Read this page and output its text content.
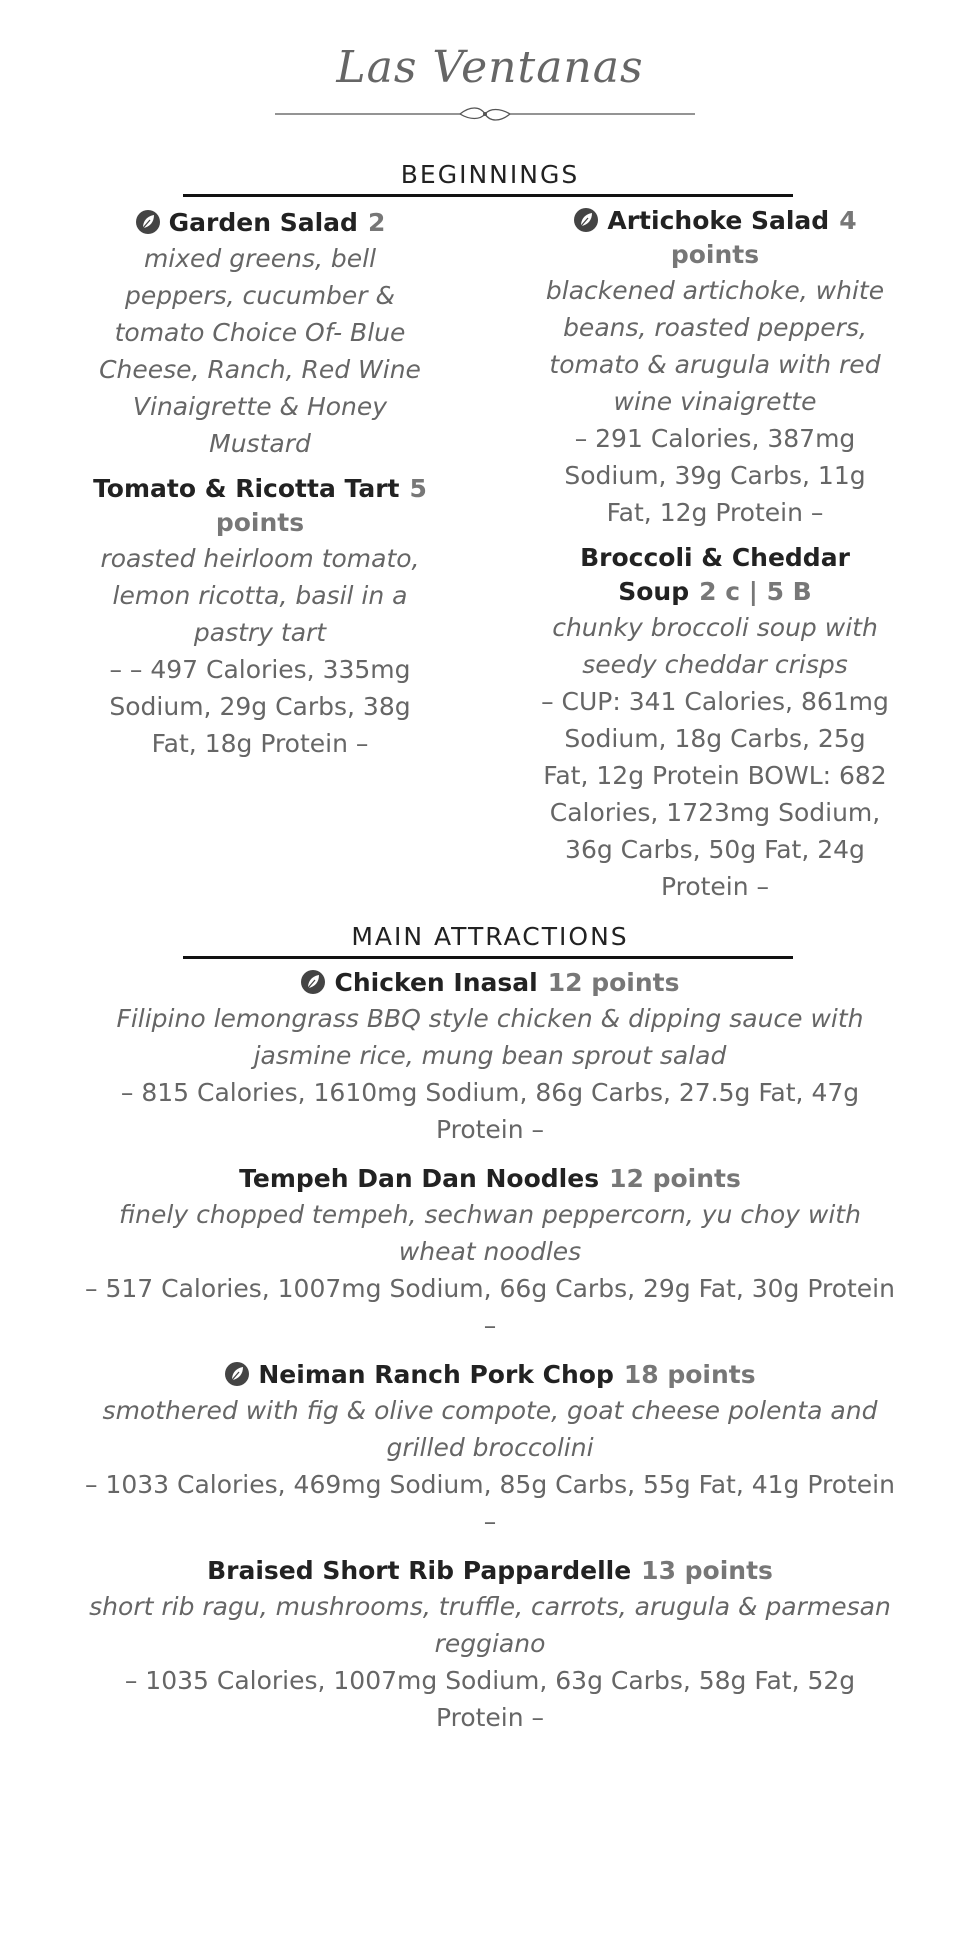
Las Ventanas
BEGINNINGS
Garden Salad 2
mixed greens, bell peppers, cucumber & tomato Choice Of- Blue Cheese, Ranch, Red Wine Vinaigrette & Honey Mustard
Tomato & Ricotta Tart 5 points
roasted heirloom tomato, lemon ricotta, basil in a pastry tart
– – 497 Calories, 335mg Sodium, 29g Carbs, 38g Fat, 18g Protein –
Artichoke Salad 4 points
blackened artichoke, white beans, roasted peppers, tomato & arugula with red wine vinaigrette
– 291 Calories, 387mg Sodium, 39g Carbs, 11g Fat, 12g Protein –
Broccoli & Cheddar Soup 2 c | 5 B
chunky broccoli soup with seedy cheddar crisps
– CUP: 341 Calories, 861mg Sodium, 18g Carbs, 25g Fat, 12g Protein BOWL: 682 Calories, 1723mg Sodium, 36g Carbs, 50g Fat, 24g Protein –
MAIN ATTRACTIONS
Chicken Inasal 12 points
Filipino lemongrass BBQ style chicken & dipping sauce with jasmine rice, mung bean sprout salad
– 815 Calories, 1610mg Sodium, 86g Carbs, 27.5g Fat, 47g Protein –
Tempeh Dan Dan Noodles 12 points
finely chopped tempeh, sechwan peppercorn, yu choy with wheat noodles
– 517 Calories, 1007mg Sodium, 66g Carbs, 29g Fat, 30g Protein –
Neiman Ranch Pork Chop 18 points
smothered with fig & olive compote, goat cheese polenta and grilled broccolini
– 1033 Calories, 469mg Sodium, 85g Carbs, 55g Fat, 41g Protein –
Braised Short Rib Pappardelle 13 points
short rib ragu, mushrooms, truffle, carrots, arugula & parmesan reggiano
– 1035 Calories, 1007mg Sodium, 63g Carbs, 58g Fat, 52g Protein –
